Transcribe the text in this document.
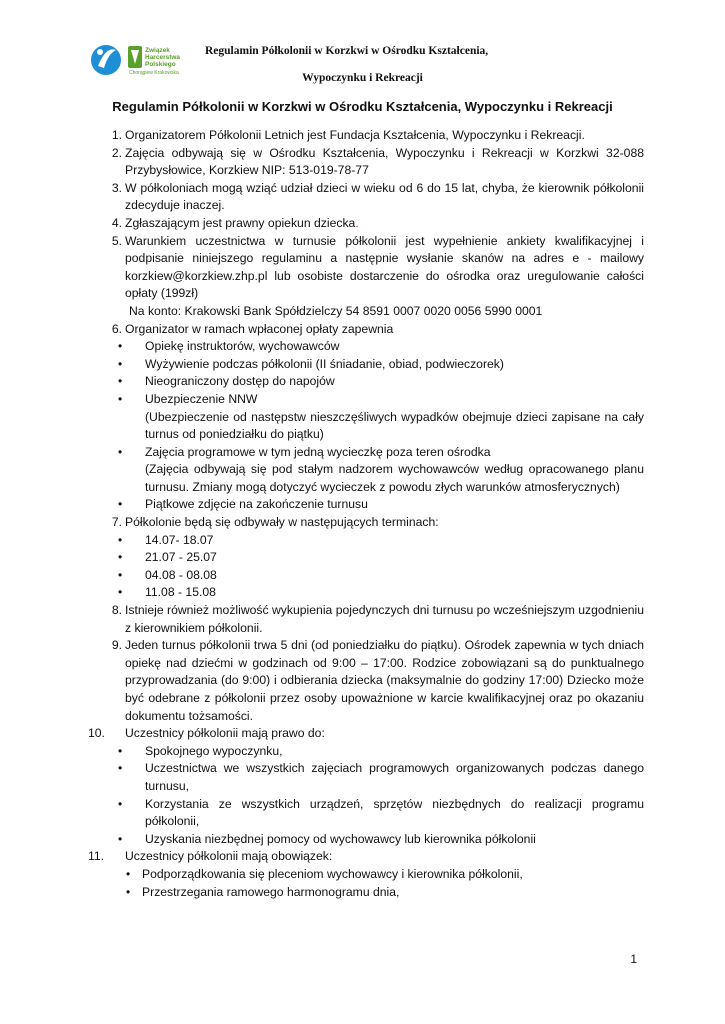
Związek
Harcerstwa
Polskiego
Chorągiew Krakowska
Regulamin Półkolonii w Korzkwi w Ośrodku Kształcenia,
Wypoczynku i Rekreacji
Regulamin Półkolonii w Korzkwi w Ośrodku Kształcenia, Wypoczynku i Rekreacji
1. Organizatorem Półkolonii Letnich jest Fundacja Kształcenia, Wypoczynku i Rekreacji.
2. Zajęcia odbywają się w Ośrodku Kształcenia, Wypoczynku i Rekreacji w Korzkwi 32-088 Przybysłowice, Korzkiew NIP: 513-019-78-77
3. W półkoloniach mogą wziąć udział dzieci w wieku od 6 do 15 lat, chyba, że kierownik półkolonii zdecyduje inaczej.
4. Zgłaszającym jest prawny opiekun dziecka.
5. Warunkiem uczestnictwa w turnusie półkolonii jest wypełnienie ankiety kwalifikacyjnej i podpisanie niniejszego regulaminu a następnie wysłanie skanów na adres e - mailowy korzkiew@korzkiew.zhp.pl lub osobiste dostarczenie do ośrodka oraz uregulowanie całości opłaty (199zł)
Na konto: Krakowski Bank Spółdzielczy 54 8591 0007 0020 0056 5990 0001
6. Organizator w ramach wpłaconej opłaty zapewnia
• Opiekę instruktorów, wychowawców
• Wyżywienie podczas półkolonii (II śniadanie, obiad, podwieczorek)
• Nieograniczony dostęp do napojów
• Ubezpieczenie NNW
(Ubezpieczenie od następstw nieszczęśliwych wypadków obejmuje dzieci zapisane na cały turnus od poniedziałku do piątku)
• Zajęcia programowe w tym jedną wycieczkę poza teren ośrodka
(Zajęcia odbywają się pod stałym nadzorem wychowawców według opracowanego planu turnusu. Zmiany mogą dotyczyć wycieczek z powodu złych warunków atmosferycznych)
• Piątkowe zdjęcie na zakończenie turnusu
7. Półkolonie będą się odbywały w następujących terminach:
• 14.07- 18.07
• 21.07 - 25.07
• 04.08 - 08.08
• 11.08 - 15.08
8. Istnieje również możliwość wykupienia pojedynczych dni turnusu po wcześniejszym uzgodnieniu z kierownikiem półkolonii.
9. Jeden turnus półkolonii trwa 5 dni (od poniedziałku do piątku). Ośrodek zapewnia w tych dniach opiekę nad dziećmi w godzinach od 9:00 – 17:00. Rodzice zobowiązani są do punktualnego przyprowadzania (do 9:00) i odbierania dziecka (maksymalnie do godziny 17:00) Dziecko może być odebrane z półkolonii przez osoby upoważnione w karcie kwalifikacyjnej oraz po okazaniu dokumentu tożsamości.
10.	Uczestnicy półkolonii mają prawo do:
• Spokojnego wypoczynku,
• Uczestnictwa we wszystkich zajęciach programowych organizowanych podczas danego turnusu,
• Korzystania ze wszystkich urządzeń, sprzętów niezbędnych do realizacji programu półkolonii,
• Uzyskania niezbędnej pomocy od wychowawcy lub kierownika półkolonii
11.	Uczestnicy półkolonii mają obowiązek:
• Podporządkowania się pleceniom wychowawcy i kierownika półkolonii,
• Przestrzegania ramowego harmonogramu dnia,
1
